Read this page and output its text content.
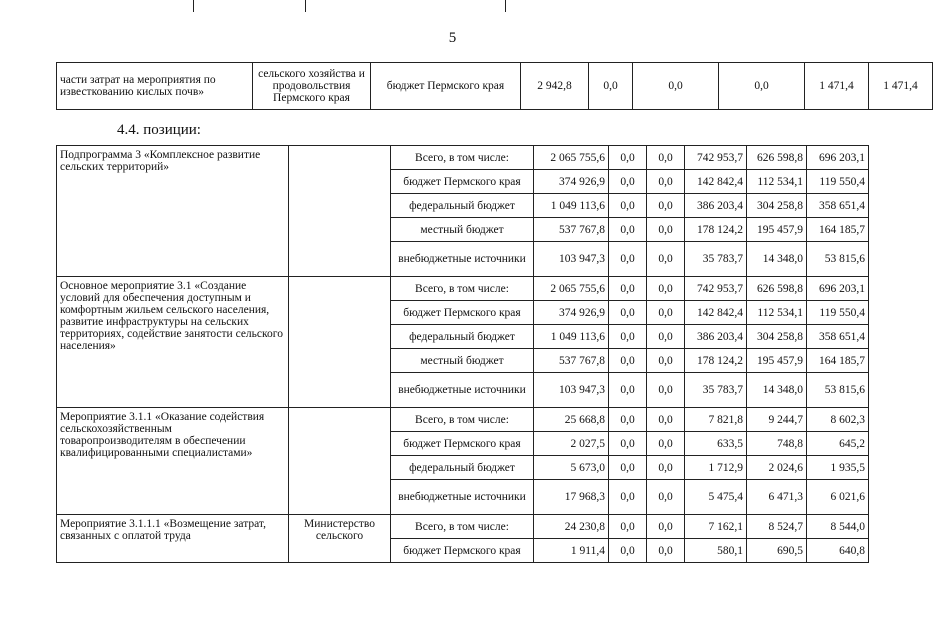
5
части затрат на мероприятия по известкованию кислых почв»	сельского хозяйства и продовольствия Пермского края	бюджет Пермского края	2 942,8	0,0	0,0	0,0	1 471,4	1 471,4
4.4. позиции:
Подпрограмма 3 «Комплексное развитие сельских территорий»		Всего, в том числе:	2 065 755,6	0,0	0,0	742 953,7	626 598,8	696 203,1
		бюджет Пермского края	374 926,9	0,0	0,0	142 842,4	112 534,1	119 550,4
		федеральный бюджет	1 049 113,6	0,0	0,0	386 203,4	304 258,8	358 651,4
		местный бюджет	537 767,8	0,0	0,0	178 124,2	195 457,9	164 185,7
		внебюджетные источники	103 947,3	0,0	0,0	35 783,7	14 348,0	53 815,6
Основное мероприятие 3.1 «Создание условий для обеспечения доступным и комфортным жильем сельского населения, развитие инфраструктуры на сельских территориях, содействие занятости сельского населения»		Всего, в том числе:	2 065 755,6	0,0	0,0	742 953,7	626 598,8	696 203,1
		бюджет Пермского края	374 926,9	0,0	0,0	142 842,4	112 534,1	119 550,4
		федеральный бюджет	1 049 113,6	0,0	0,0	386 203,4	304 258,8	358 651,4
		местный бюджет	537 767,8	0,0	0,0	178 124,2	195 457,9	164 185,7
		внебюджетные источники	103 947,3	0,0	0,0	35 783,7	14 348,0	53 815,6
Мероприятие 3.1.1 «Оказание содействия сельскохозяйственным товаропроизводителям в обеспечении квалифицированными специалистами»		Всего, в том числе:	25 668,8	0,0	0,0	7 821,8	9 244,7	8 602,3
		бюджет Пермского края	2 027,5	0,0	0,0	633,5	748,8	645,2
		федеральный бюджет	5 673,0	0,0	0,0	1 712,9	2 024,6	1 935,5
		внебюджетные источники	17 968,3	0,0	0,0	5 475,4	6 471,3	6 021,6
Мероприятие 3.1.1.1 «Возмещение затрат, связанных с оплатой труда	Министерство сельского	Всего, в том числе:	24 230,8	0,0	0,0	7 162,1	8 524,7	8 544,0
		бюджет Пермского края	1 911,4	0,0	0,0	580,1	690,5	640,8
